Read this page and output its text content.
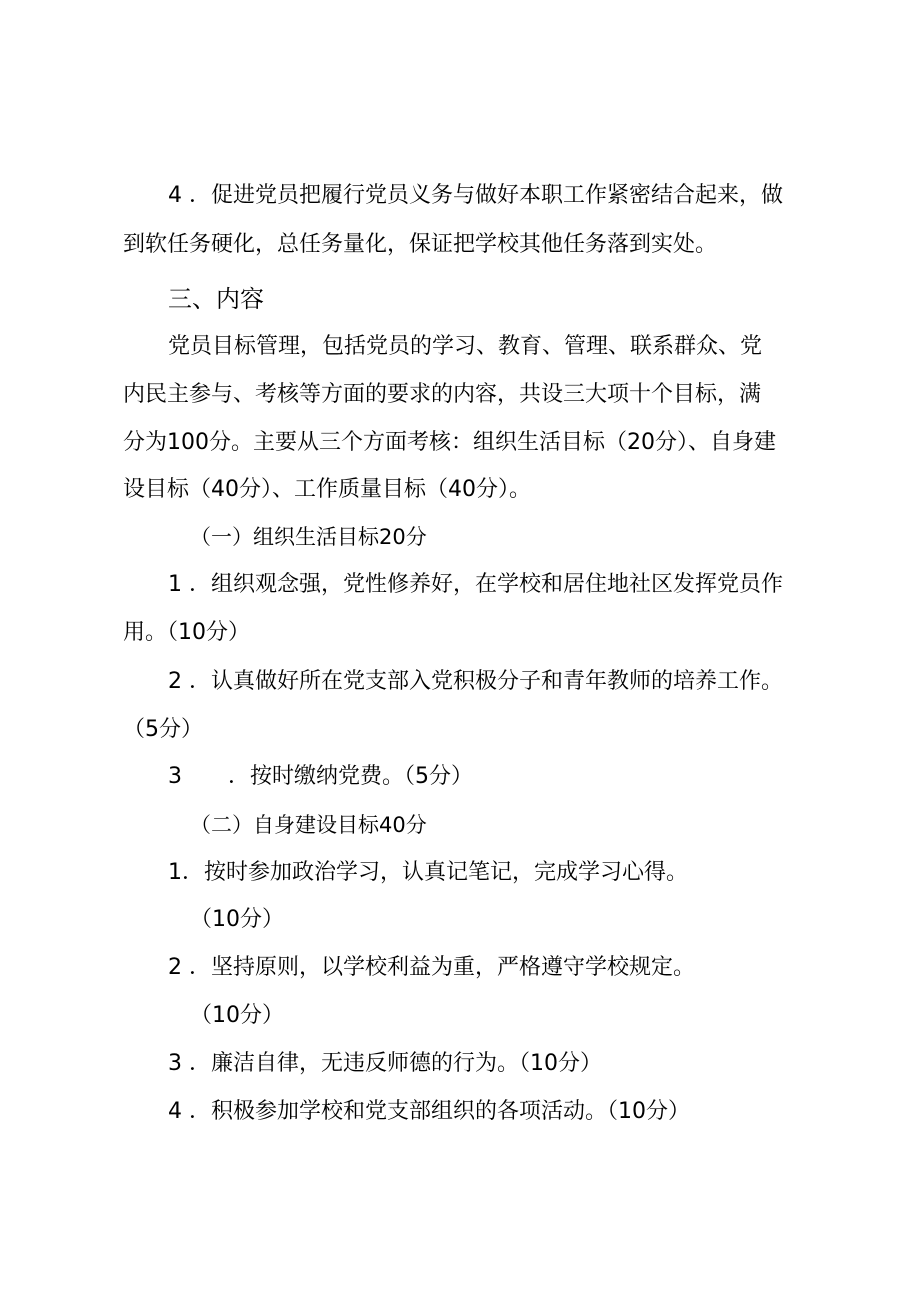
4 ．促进党员把履行党员义务与做好本职工作紧密结合起来，做
到软任务硬化，总任务量化，保证把学校其他任务落到实处。
三、内容
党员目标管理，包括党员的学习、教育、管理、联系群众、党
内民主参与、考核等方面的要求的内容，共设三大项十个目标，满
分为100分。主要从三个方面考核：组织生活目标（20分）、自身建
设目标（40分）、工作质量目标（40分）。
（一）组织生活目标20分
1 ．组织观念强，党性修养好，在学校和居住地社区发挥党员作
用。（10分）
2 ．认真做好所在党支部入党积极分子和青年教师的培养工作。
（5分）
3 ．按时缴纳党费。（5分）
（二）自身建设目标40分
1．按时参加政治学习，认真记笔记，完成学习心得。
（10分）
2 ．坚持原则，以学校利益为重，严格遵守学校规定。
（10分）
3 ．廉洁自律，无违反师德的行为。（10分）
4 ．积极参加学校和党支部组织的各项活动。（10分）
